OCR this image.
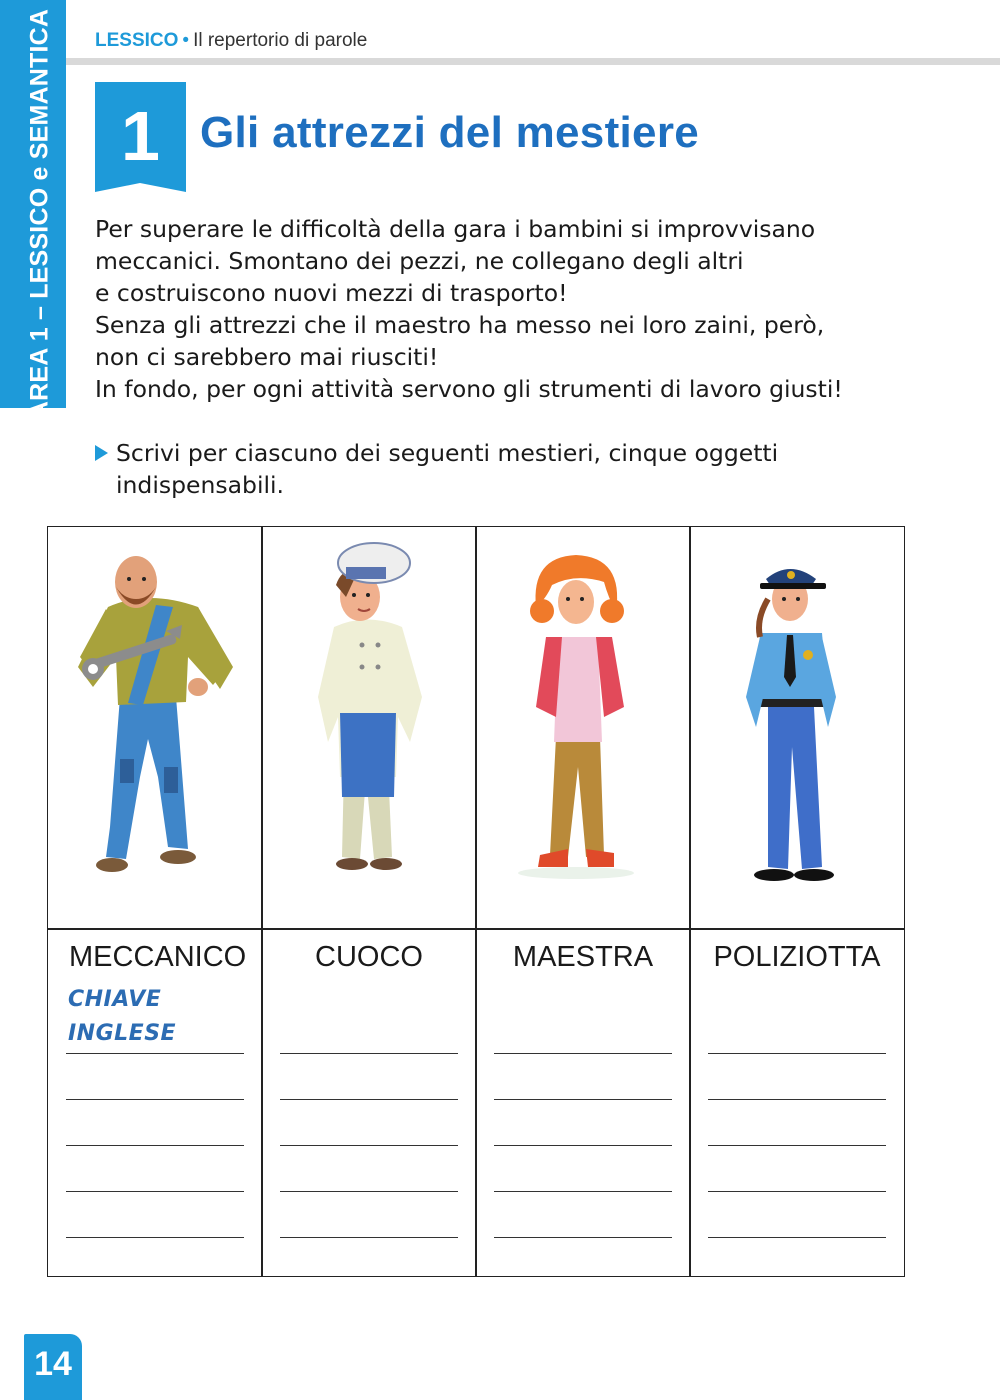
AREA 1 – LESSICO e SEMANTICA LESSICO • Il repertorio di parole
1 Gli attrezzi del mestiere
Per superare le difficoltà della gara i bambini si improvvisano
meccanici. Smontano dei pezzi, ne collegano degli altri
e costruiscono nuovi mezzi di trasporto!
Senza gli attrezzi che il maestro ha messo nei loro zaini, però,
non ci sarebbero mai riusciti!
In fondo, per ogni attività servono gli strumenti di lavoro giusti!
Scrivi per ciascuno dei seguenti mestieri, cinque oggetti
indispensabili.
MECCANICO
CHIAVE
INGLESE
CUOCO	MAESTRA	POLIZIOTTA
14
